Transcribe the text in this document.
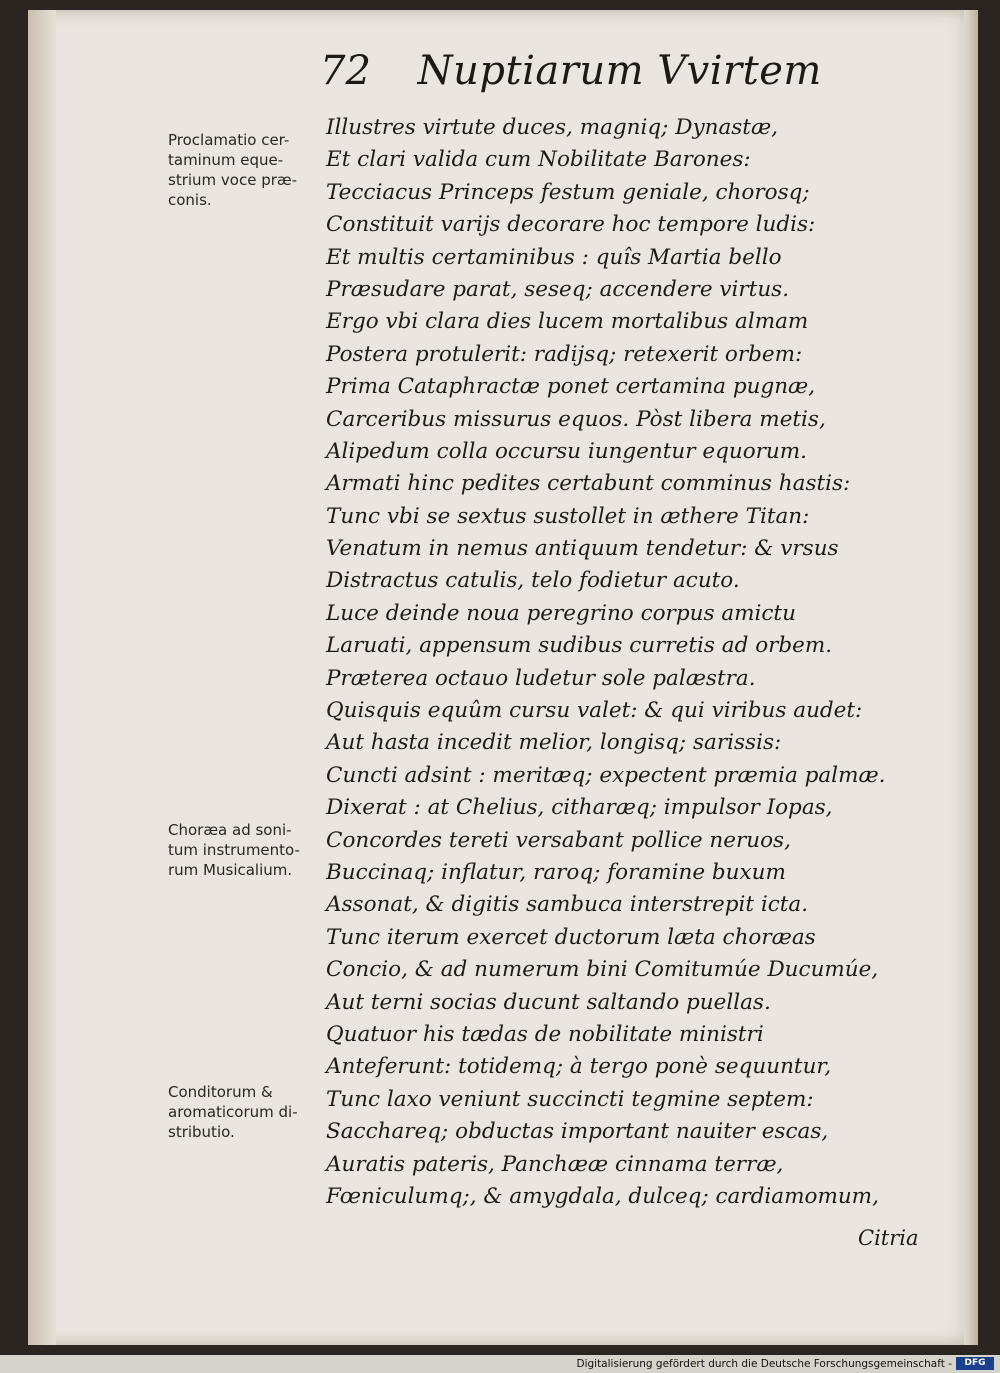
72 Nuptiarum Vvirtem
Proclamatio cer-
taminum eque-
strium voce præ-
conis.
Choræa ad soni-
tum instrumento-
rum Musicalium.
Conditorum &
aromaticorum di-
stributio.
Illustres virtute duces, magniq; Dynastæ,
Et clari valida cum Nobilitate Barones:
Tecciacus Princeps festum geniale, chorosq;
Constituit varijs decorare hoc tempore ludis:
Et multis certaminibus : quîs Martia bello
Præsudare parat, seseq; accendere virtus.
Ergo vbi clara dies lucem mortalibus almam
Postera protulerit: radijsq; retexerit orbem:
Prima Cataphractæ ponet certamina pugnæ,
Carceribus missurus equos. Pòst libera metis,
Alipedum colla occursu iungentur equorum.
Armati hinc pedites certabunt comminus hastis:
Tunc vbi se sextus sustollet in æthere Titan:
Venatum in nemus antiquum tendetur: & vrsus
Distractus catulis, telo fodietur acuto.
Luce deinde noua peregrino corpus amictu
Laruati, appensum sudibus curretis ad orbem.
Præterea octauo ludetur sole palæstra.
Quisquis equûm cursu valet: & qui viribus audet:
Aut hasta incedit melior, longisq; sarissis:
Cuncti adsint : meritæq; expectent præmia palmæ.
Dixerat : at Chelius, citharæq; impulsor Iopas,
Concordes tereti versabant pollice neruos,
Buccinaq; inflatur, raroq; foramine buxum
Assonat, & digitis sambuca interstrepit icta.
Tunc iterum exercet ductorum læta choræas
Concio, & ad numerum bini Comitumúe Ducumúe,
Aut terni socias ducunt saltando puellas.
Quatuor his tædas de nobilitate ministri
Anteferunt: totidemq; à tergo ponè sequuntur,
Tunc laxo veniunt succincti tegmine septem:
Sacchareq; obductas important nauiter escas,
Auratis pateris, Panchææ cinnama terræ,
Fœniculumq;, & amygdala, dulceq; cardiamomum,
Citria
Digitalisierung gefördert durch die Deutsche Forschungsgemeinschaft -	DFG
